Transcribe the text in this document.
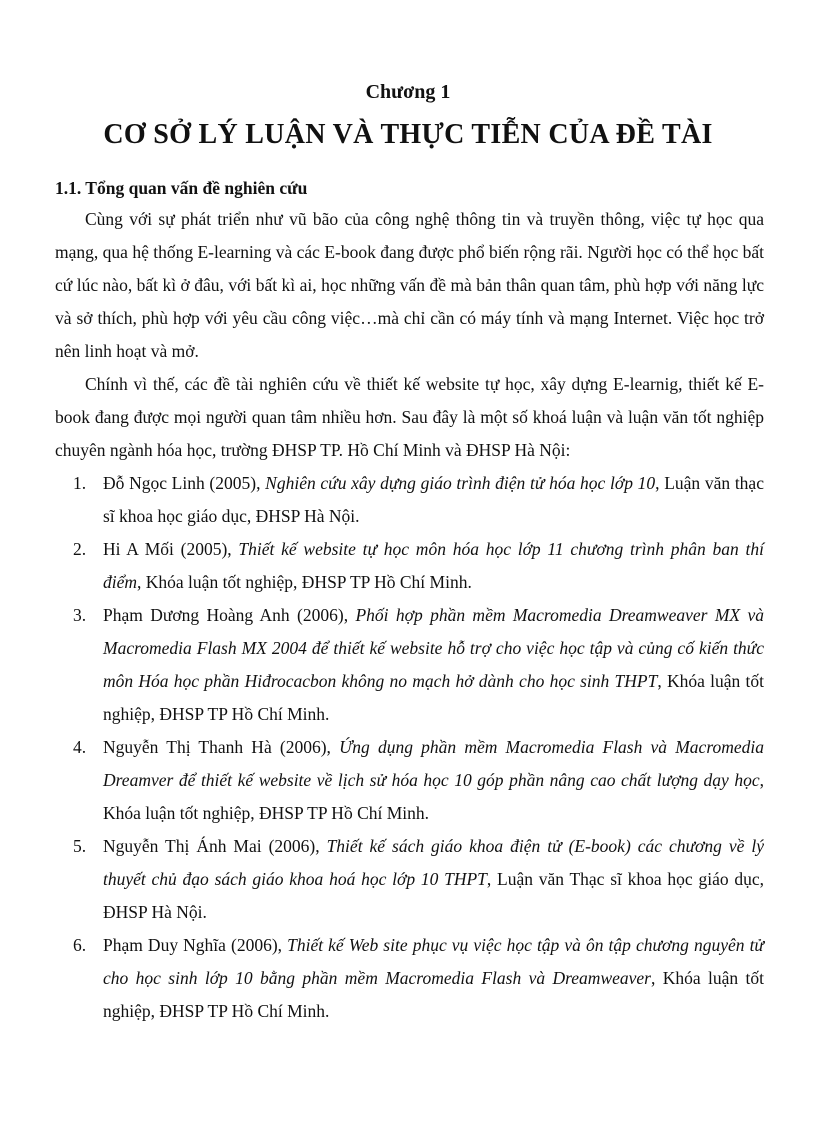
Chương 1
CƠ SỞ LÝ LUẬN VÀ THỰC TIỄN CỦA ĐỀ TÀI
1.1. Tổng quan vấn đề nghiên cứu

Cùng với sự phát triển như vũ bão của công nghệ thông tin và truyền thông, việc tự học qua mạng, qua hệ thống E-learning và các E-book đang được phổ biến rộng rãi. Người học có thể học bất cứ lúc nào, bất kì ở đâu, với bất kì ai, học những vấn đề mà bản thân quan tâm, phù hợp với năng lực và sở thích, phù hợp với yêu cầu công việc…mà chỉ cần có máy tính và mạng Internet. Việc học trở nên linh hoạt và mở.

Chính vì thế, các đề tài nghiên cứu về thiết kế website tự học, xây dựng E-learnig, thiết kế E-book đang được mọi người quan tâm nhiều hơn. Sau đây là một số khoá luận và luận văn tốt nghiệp chuyên ngành hóa học, trường ĐHSP TP. Hồ Chí Minh và ĐHSP Hà Nội:

1. Đỗ Ngọc Linh (2005), Nghiên cứu xây dựng giáo trình điện tử hóa học lớp 10, Luận văn thạc sĩ khoa học giáo dục, ĐHSP Hà Nội.
2. Hi A Mối (2005), Thiết kế website tự học môn hóa học lớp 11 chương trình phân ban thí điểm, Khóa luận tốt nghiệp, ĐHSP TP Hồ Chí Minh.
3. Phạm Dương Hoàng Anh (2006), Phối hợp phần mềm Macromedia Dreamweaver MX và Macromedia Flash MX 2004 để thiết kế website hỗ trợ cho việc học tập và củng cố kiến thức môn Hóa học phần Hiđrocacbon không no mạch hở dành cho học sinh THPT, Khóa luận tốt nghiệp, ĐHSP TP Hồ Chí Minh.
4. Nguyễn Thị Thanh Hà (2006), Ứng dụng phần mềm Macromedia Flash và Macromedia Dreamver để thiết kế website về lịch sử hóa học 10 góp phần nâng cao chất lượng dạy học, Khóa luận tốt nghiệp, ĐHSP TP Hồ Chí Minh.
5. Nguyễn Thị Ánh Mai (2006), Thiết kế sách giáo khoa điện tử (E-book) các chương về lý thuyết chủ đạo sách giáo khoa hoá học lớp 10 THPT, Luận văn Thạc sĩ khoa học giáo dục, ĐHSP Hà Nội.
6. Phạm Duy Nghĩa (2006), Thiết kế Web site phục vụ việc học tập và ôn tập chương nguyên tử cho học sinh lớp 10 bằng phần mềm Macromedia Flash và Dreamweaver, Khóa luận tốt nghiệp, ĐHSP TP Hồ Chí Minh.
